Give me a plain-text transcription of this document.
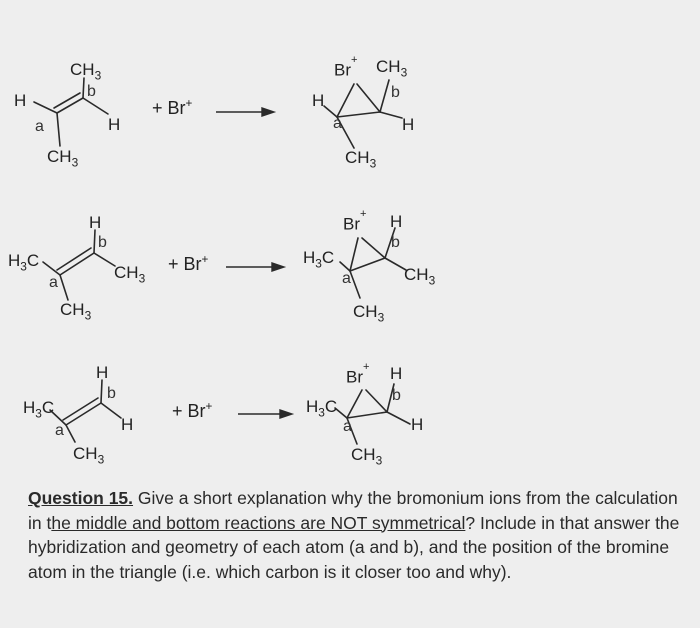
$CH_3$
H	b
a	H
$CH_3$
+ Br+
Br+ $CH_3$
b
H
a	H
$CH_3$
H
b
$H_3C$
a
$CH_3$
$CH_3$
+ Br+
Br+ H
b
$H_3C$
a	$CH_3$
$CH_3$
H
b
$H_3C$
a	H
$CH_3$
+ Br+
Br+ H
b
$H_3C$
a	H
$CH_3$
Question 15. Give a short explanation why the bromonium ions from the calculation in the middle and bottom reactions are NOT symmetrical? Include in that answer the hybridization and geometry of each atom (a and b), and the position of the bromine atom in the triangle (i.e. which carbon is it closer too and why).
